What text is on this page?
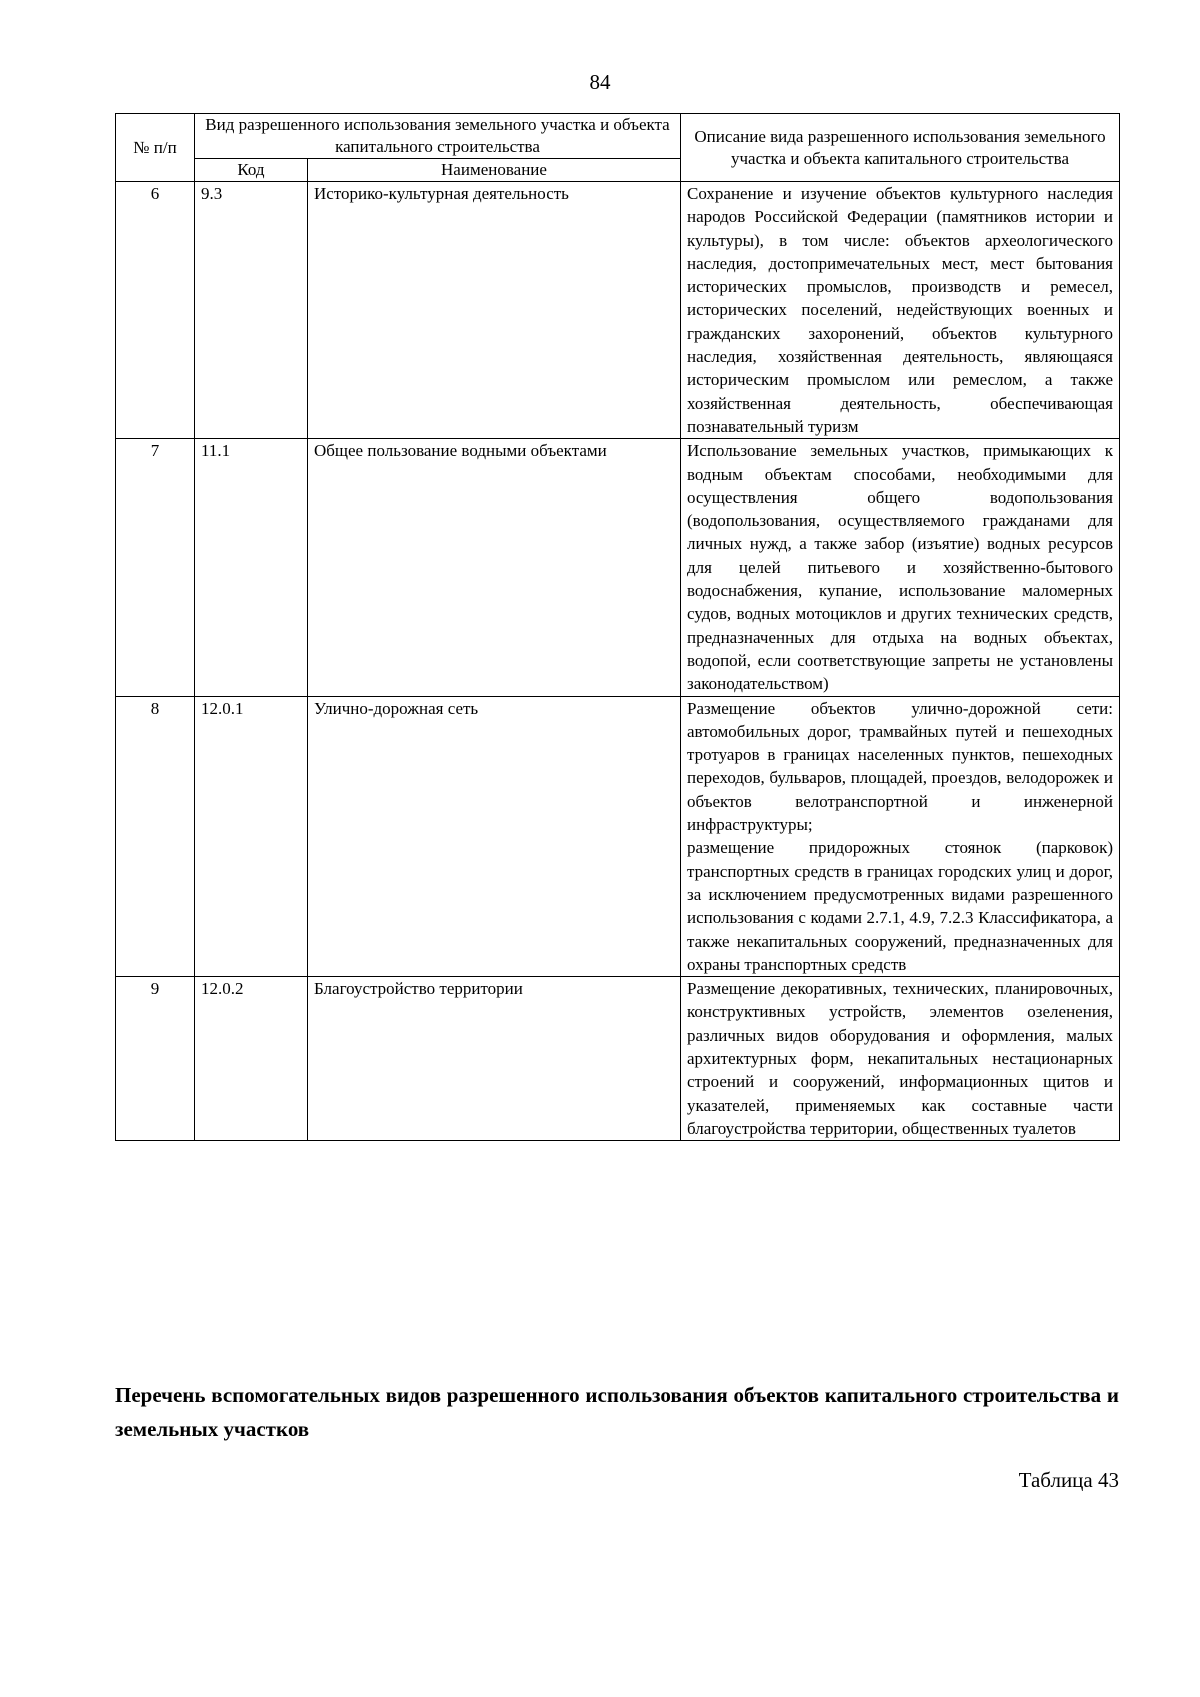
84
№ п/п	Вид разрешенного использования земельного участка и объекта капитального строительства		Описание вида разрешенного использования земельного участка и объекта капитального строительства
	Код	Наименование	
6	9.3	Историко-культурная деятельность	Сохранение и изучение объектов культурного наследия народов Российской Федерации (памятников истории и культуры), в том числе: объектов археологического наследия, достопримечательных мест, мест бытования исторических промыслов, производств и ремесел, исторических поселений, недействующих военных и гражданских захоронений, объектов культурного наследия, хозяйственная деятельность, являющаяся историческим промыслом или ремеслом, а также хозяйственная деятельность, обеспечивающая познавательный туризм

7	11.1	Общее пользование водными объектами	Использование земельных участков, примыкающих к водным объектам способами, необходимыми для осуществления общего водопользования (водопользования, осуществляемого гражданами для личных нужд, а также забор (изъятие) водных ресурсов для целей питьевого и хозяйственно-бытового водоснабжения, купание, использование маломерных судов, водных мотоциклов и других технических средств, предназначенных для отдыха на водных объектах, водопой, если соответствующие запреты не установлены законодательством)

8	12.0.1	Улично-дорожная сеть	Размещение объектов улично-дорожной сети: автомобильных дорог, трамвайных путей и пешеходных тротуаров в границах населенных пунктов, пешеходных переходов, бульваров, площадей, проездов, велодорожек и объектов велотранспортной и инженерной инфраструктуры;
размещение придорожных стоянок (парковок) транспортных средств в границах городских улиц и дорог, за исключением предусмотренных видами разрешенного использования с кодами 2.7.1, 4.9, 7.2.3 Классификатора, а также некапитальных сооружений, предназначенных для охраны транспортных средств

9	12.0.2	Благоустройство территории	Размещение декоративных, технических, планировочных, конструктивных устройств, элементов озеленения, различных видов оборудования и оформления, малых архитектурных форм, некапитальных нестационарных строений и сооружений, информационных щитов и указателей, применяемых как составные части благоустройства территории, общественных туалетов
Перечень вспомогательных видов разрешенного использования объектов капитального строительства и земельных участков
Таблица 43
